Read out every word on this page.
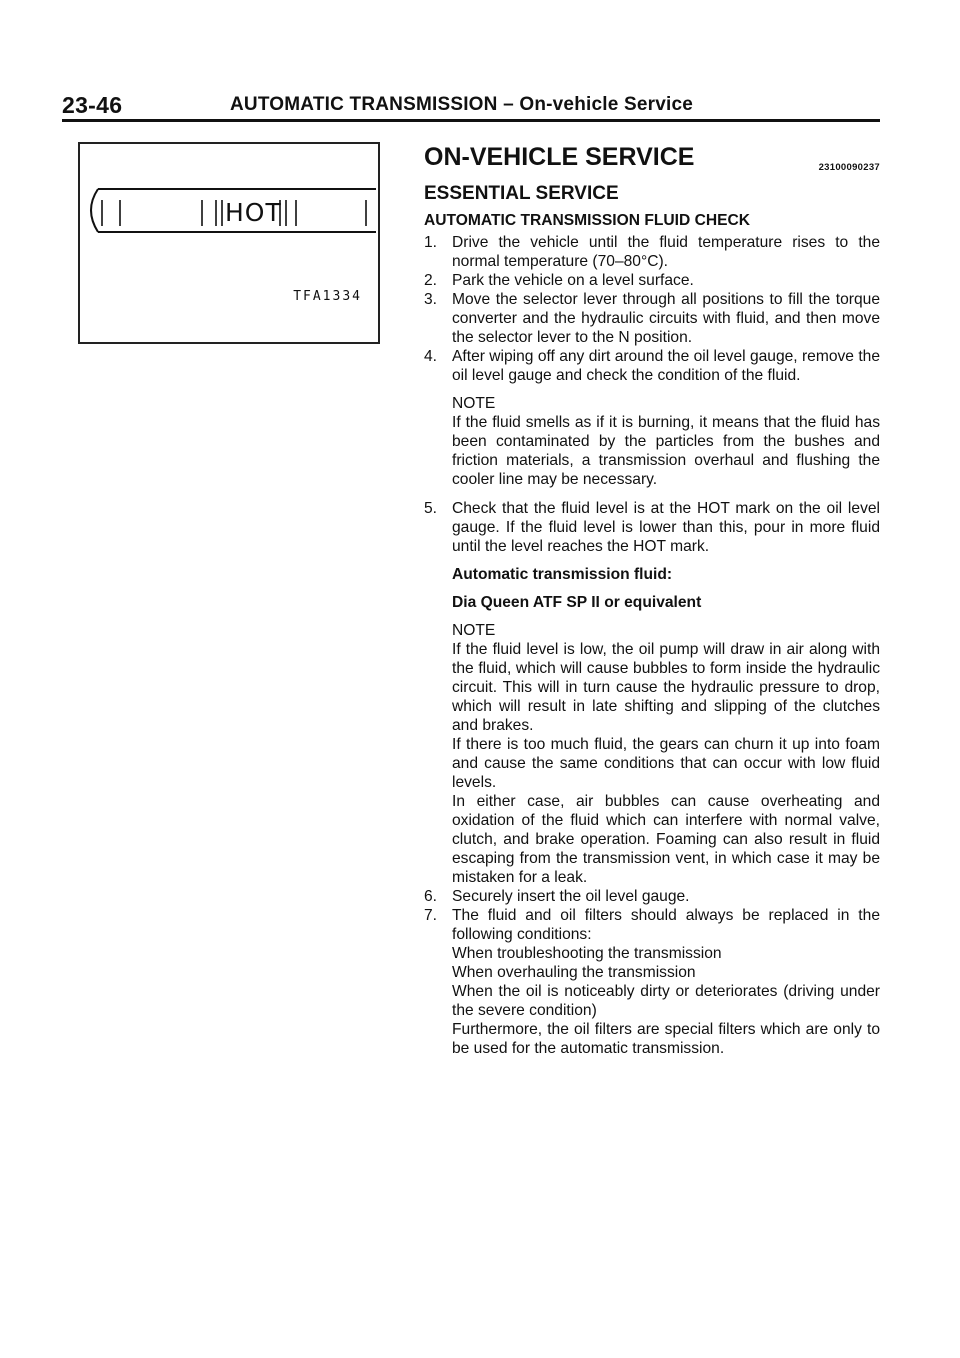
23-46	AUTOMATIC TRANSMISSION – On-vehicle Service
HOT
TFA1334
ON-VEHICLE SERVICE	23100090237
ESSENTIAL SERVICE
AUTOMATIC TRANSMISSION FLUID CHECK
1. Drive the vehicle until the fluid temperature rises to the normal temperature (70–80°C).
2. Park the vehicle on a level surface.
3. Move the selector lever through all positions to fill the torque converter and the hydraulic circuits with fluid, and then move the selector lever to the N position.
4. After wiping off any dirt around the oil level gauge, remove the oil level gauge and check the condition of the fluid.
NOTE
If the fluid smells as if it is burning, it means that the fluid has been contaminated by the particles from the bushes and friction materials, a transmission overhaul and flushing the cooler line may be necessary.
5. Check that the fluid level is at the HOT mark on the oil level gauge. If the fluid level is lower than this, pour in more fluid until the level reaches the HOT mark.
Automatic transmission fluid:
Dia Queen ATF SP II or equivalent
NOTE
If the fluid level is low, the oil pump will draw in air along with the fluid, which will cause bubbles to form inside the hydraulic circuit. This will in turn cause the hydraulic pressure to drop, which will result in late shifting and slipping of the clutches and brakes.
If there is too much fluid, the gears can churn it up into foam and cause the same conditions that can occur with low fluid levels.
In either case, air bubbles can cause overheating and oxidation of the fluid which can interfere with normal valve, clutch, and brake operation. Foaming can also result in fluid escaping from the transmission vent, in which case it may be mistaken for a leak.
6. Securely insert the oil level gauge.
7. The fluid and oil filters should always be replaced in the following conditions:
When troubleshooting the transmission
When overhauling the transmission
When the oil is noticeably dirty or deteriorates (driving under the severe condition)
Furthermore, the oil filters are special filters which are only to be used for the automatic transmission.
